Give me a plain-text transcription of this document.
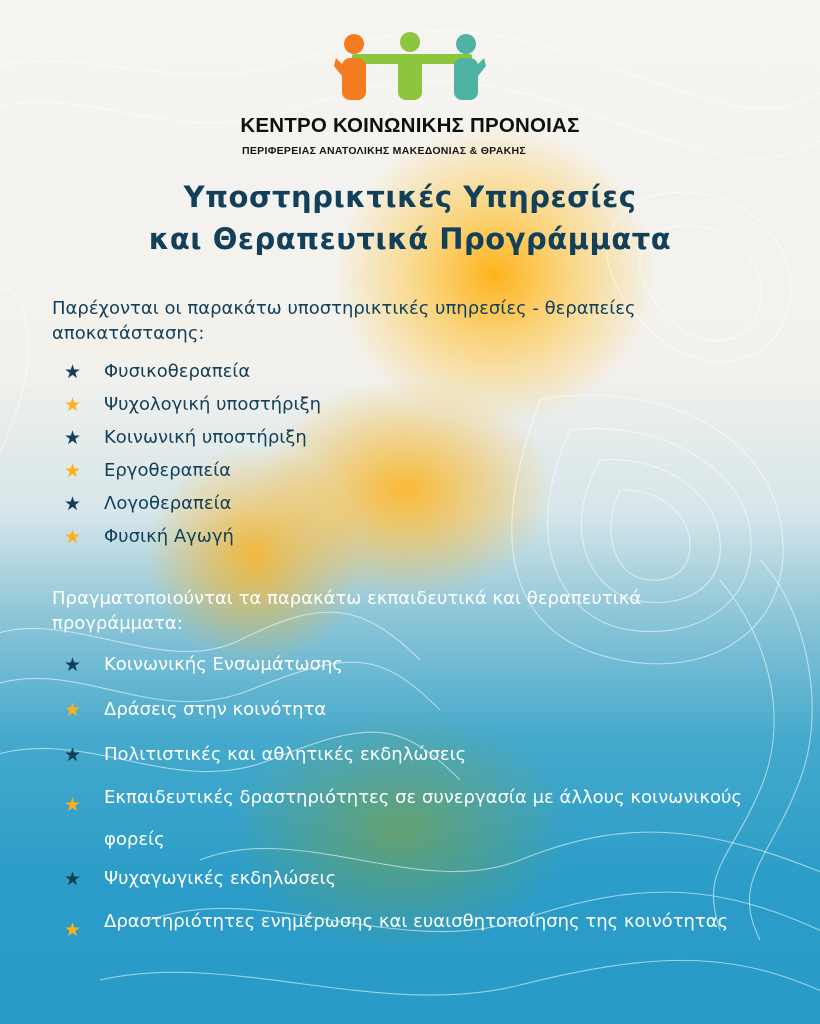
ΚΕΝΤΡΟ ΚΟΙΝΩΝΙΚΗΣ ΠΡΟΝΟΙΑΣ
ΠΕΡΙΦΕΡΕΙΑΣ ΑΝΑΤΟΛΙΚΗΣ ΜΑΚΕΔΟΝΙΑΣ & ΘΡΑΚΗΣ
Υποστηρικτικές Υπηρεσίες
και Θεραπευτικά Προγράμματα
Παρέχονται οι παρακάτω υποστηρικτικές υπηρεσίες - θεραπείες αποκατάστασης:
★ Φυσικοθεραπεία
★ Ψυχολογική υποστήριξη
★ Κοινωνική υποστήριξη
★ Εργοθεραπεία
★ Λογοθεραπεία
★ Φυσική Αγωγή
Πραγματοποιούνται τα παρακάτω εκπαιδευτικά και θεραπευτικά προγράμματα:
★ Κοινωνικής Ενσωμάτωσης
★ Δράσεις στην κοινότητα
★ Πολιτιστικές και αθλητικές εκδηλώσεις
★ Εκπαιδευτικές δραστηριότητες σε συνεργασία με άλλους κοινωνικούς φορείς
★ Ψυχαγωγικές εκδηλώσεις
★ Δραστηριότητες ενημέρωσης και ευαισθητοποίησης της κοινότητας
